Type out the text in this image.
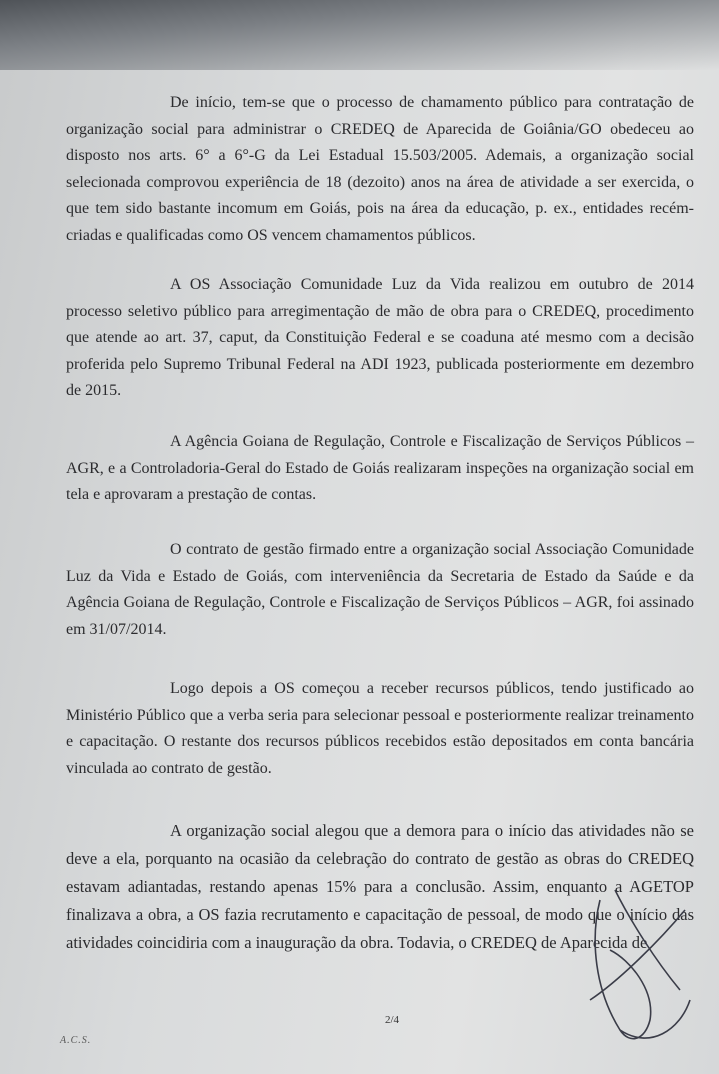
De início, tem-se que o processo de chamamento público para contratação de organização social para administrar o CREDEQ de Aparecida de Goiânia/GO obedeceu ao disposto nos arts. 6° a 6°-G da Lei Estadual 15.503/2005. Ademais, a organização social selecionada comprovou experiência de 18 (dezoito) anos na área de atividade a ser exercida, o que tem sido bastante incomum em Goiás, pois na área da educação, p. ex., entidades recém-criadas e qualificadas como OS vencem chamamentos públicos.

A OS Associação Comunidade Luz da Vida realizou em outubro de 2014 processo seletivo público para arregimentação de mão de obra para o CREDEQ, procedimento que atende ao art. 37, caput, da Constituição Federal e se coaduna até mesmo com a decisão proferida pelo Supremo Tribunal Federal na ADI 1923, publicada posteriormente em dezembro de 2015.

A Agência Goiana de Regulação, Controle e Fiscalização de Serviços Públicos – AGR, e a Controladoria-Geral do Estado de Goiás realizaram inspeções na organização social em tela e aprovaram a prestação de contas.

O contrato de gestão firmado entre a organização social Associação Comunidade Luz da Vida e Estado de Goiás, com interveniência da Secretaria de Estado da Saúde e da Agência Goiana de Regulação, Controle e Fiscalização de Serviços Públicos – AGR, foi assinado em 31/07/2014.

Logo depois a OS começou a receber recursos públicos, tendo justificado ao Ministério Público que a verba seria para selecionar pessoal e posteriormente realizar treinamento e capacitação. O restante dos recursos públicos recebidos estão depositados em conta bancária vinculada ao contrato de gestão.

A organização social alegou que a demora para o início das atividades não se deve a ela, porquanto na ocasião da celebração do contrato de gestão as obras do CREDEQ estavam adiantadas, restando apenas 15% para a conclusão. Assim, enquanto a AGETOP finalizava a obra, a OS fazia recrutamento e capacitação de pessoal, de modo que o início das atividades coincidiria com a inauguração da obra. Todavia, o CREDEQ de Aparecida de

2/4
A.C.S.
